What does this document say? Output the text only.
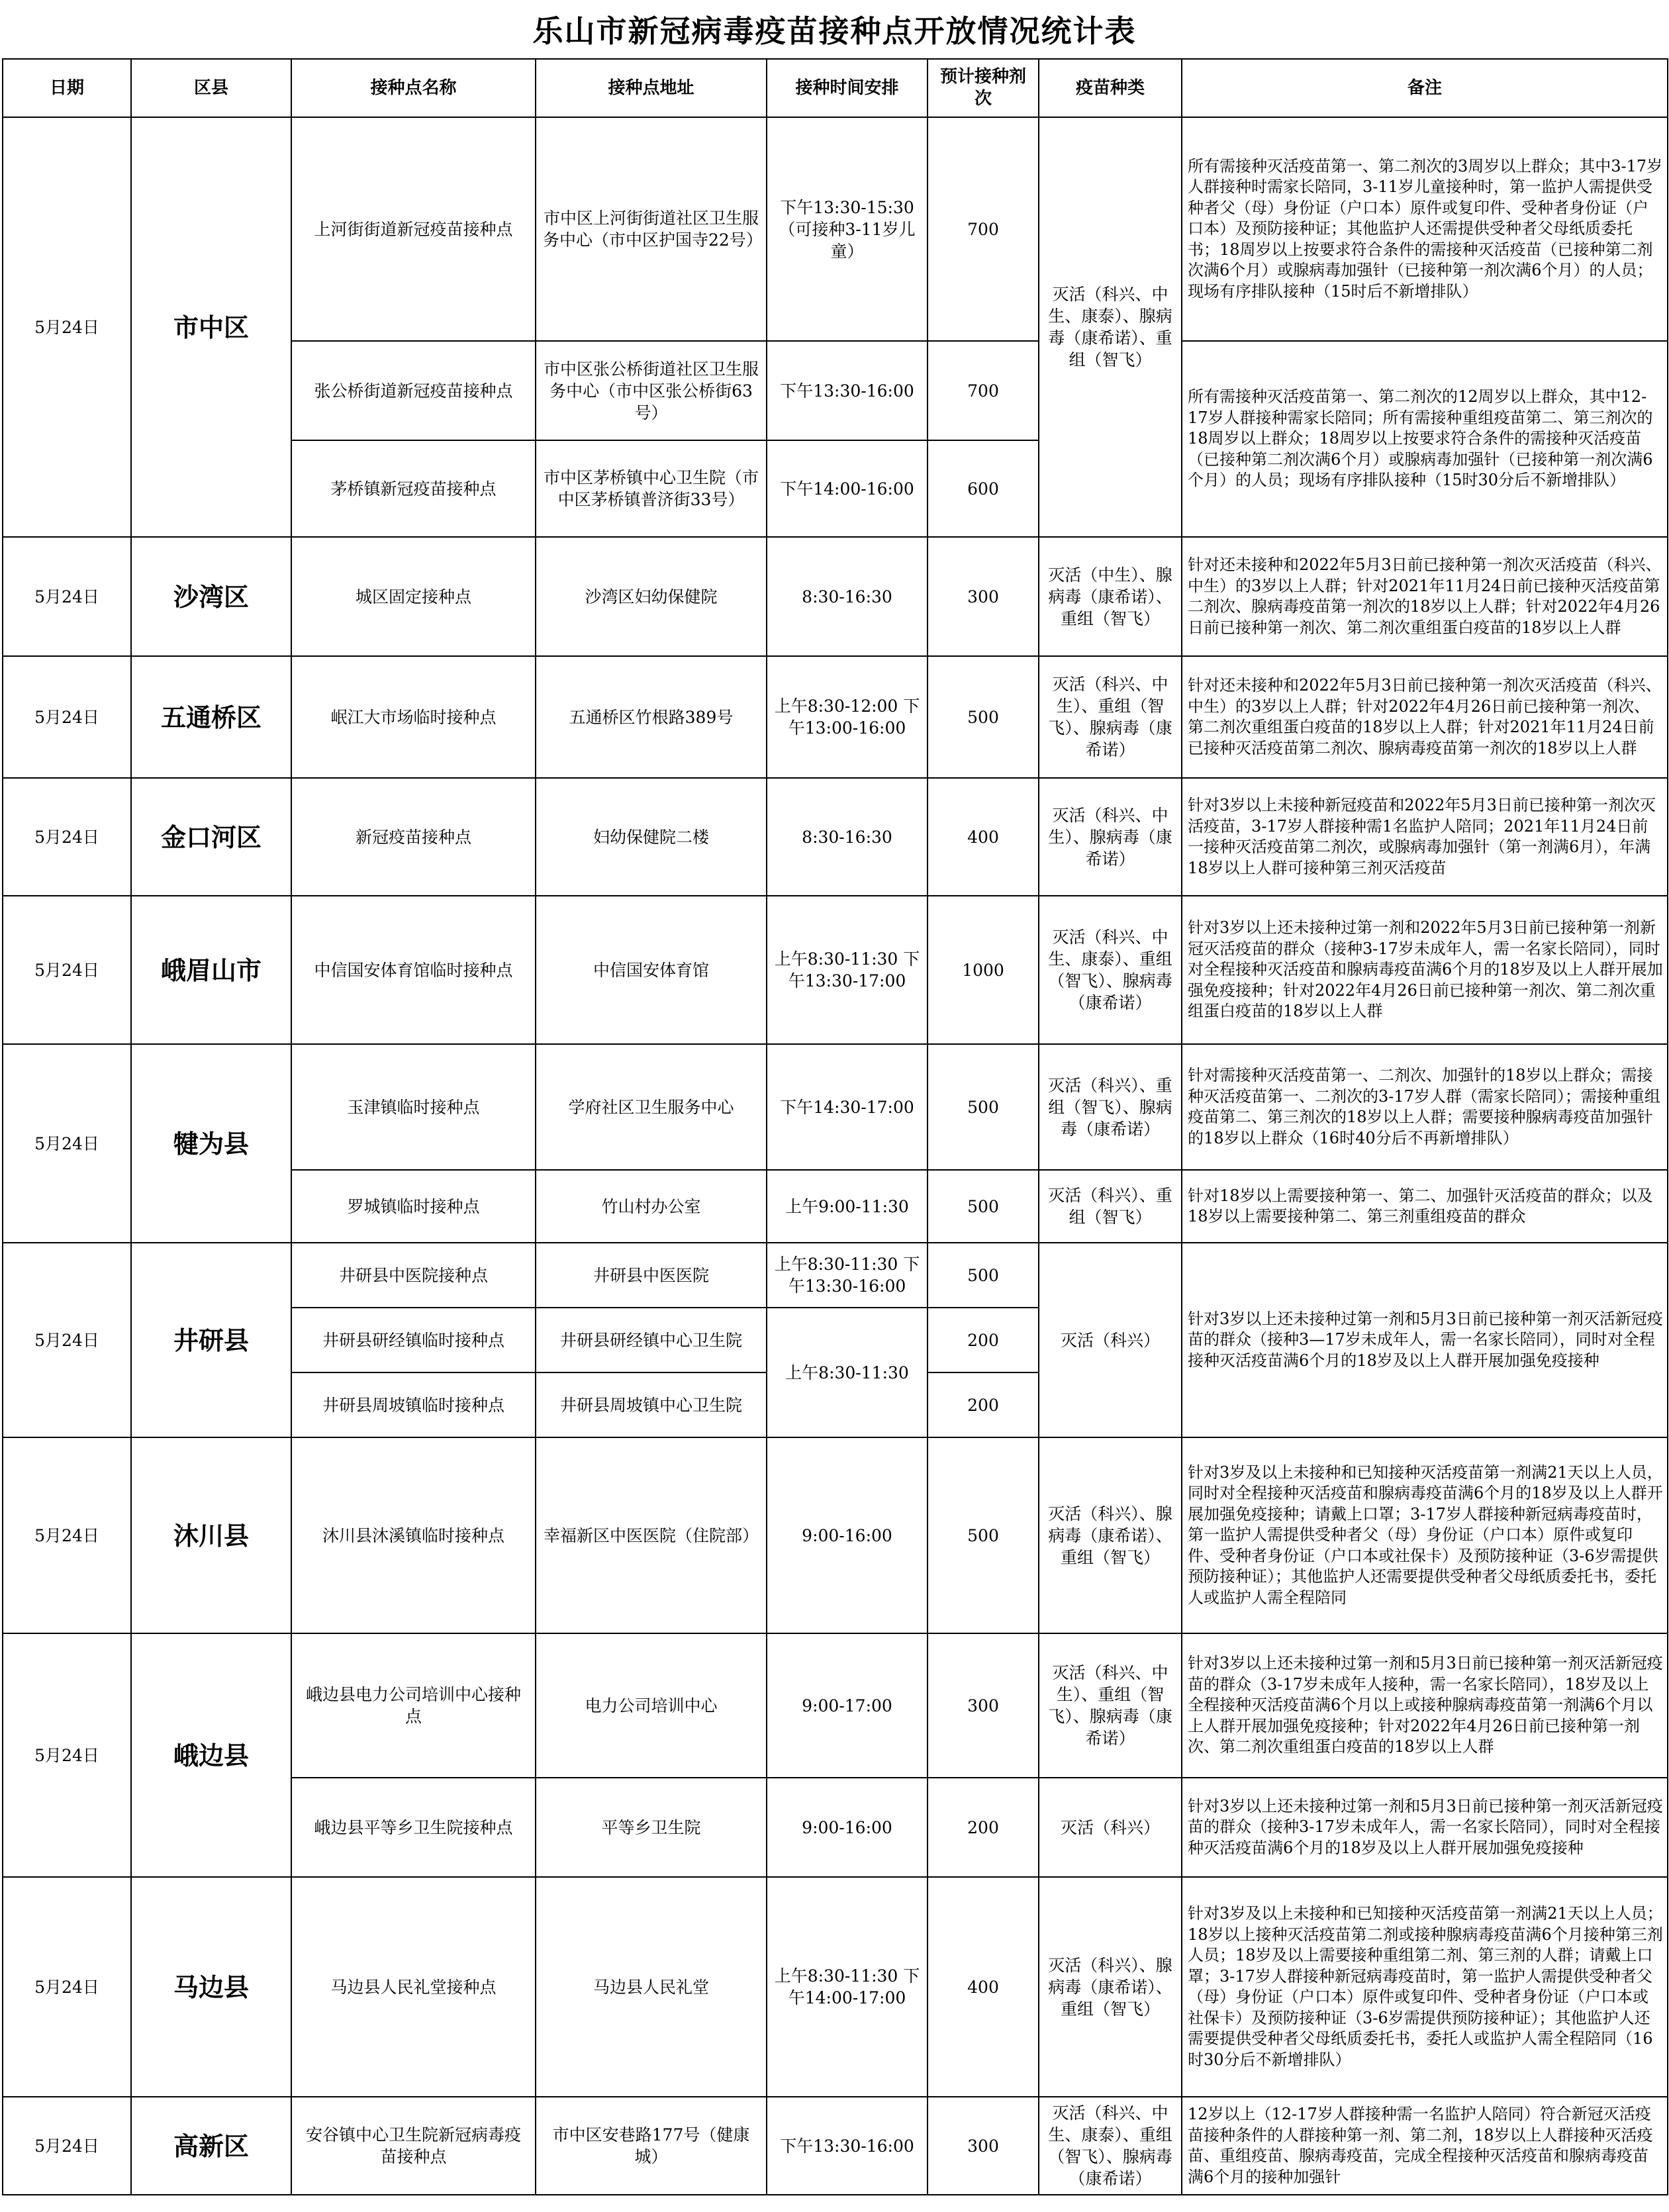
乐山市新冠病毒疫苗接种点开放情况统计表
日期	区县	接种点名称	接种点地址	接种时间安排	预计接种剂次	疫苗种类	备注
5月24日	市中区	上河街街道新冠疫苗接种点	市中区上河街街道社区卫生服务中心（市中区护国寺22号）	下午13:30-15:30（可接种3-11岁儿童）	700	灭活（科兴、中生、康泰）、腺病毒（康希诺）、重组（智飞）	所有需接种灭活疫苗第一、第二剂次的3周岁以上群众；其中3-17岁人群接种时需家长陪同，3-11岁儿童接种时，第一监护人需提供受种者父（母）身份证（户口本）原件或复印件、受种者身份证（户口本）及预防接种证；其他监护人还需提供受种者父母纸质委托书；18周岁以上按要求符合条件的需接种灭活疫苗（已接种第二剂次满6个月）或腺病毒加强针（已接种第一剂次满6个月）的人员；现场有序排队接种（15时后不新增排队）
		张公桥街道新冠疫苗接种点	市中区张公桥街道社区卫生服务中心（市中区张公桥街63号）	下午13:30-16:00	700		所有需接种灭活疫苗第一、第二剂次的12周岁以上群众，其中12-17岁人群接种需家长陪同；所有需接种重组疫苗第二、第三剂次的18周岁以上群众；18周岁以上按要求符合条件的需接种灭活疫苗（已接种第二剂次满6个月）或腺病毒加强针（已接种第一剂次满6个月）的人员；现场有序排队接种（15时30分后不新增排队）
		茅桥镇新冠疫苗接种点	市中区茅桥镇中心卫生院（市中区茅桥镇普济街33号）	下午14:00-16:00	600		
5月24日	沙湾区	城区固定接种点	沙湾区妇幼保健院	8:30-16:30	300	灭活（中生）、腺病毒（康希诺）、重组（智飞）	针对还未接种和2022年5月3日前已接种第一剂次灭活疫苗（科兴、中生）的3岁以上人群；针对2021年11月24日前已接种灭活疫苗第二剂次、腺病毒疫苗第一剂次的18岁以上人群；针对2022年4月26日前已接种第一剂次、第二剂次重组蛋白疫苗的18岁以上人群
5月24日	五通桥区	岷江大市场临时接种点	五通桥区竹根路389号	上午8:30-12:00 下午13:00-16:00	500	灭活（科兴、中生）、重组（智飞）、腺病毒（康希诺）	针对还未接种和2022年5月3日前已接种第一剂次灭活疫苗（科兴、中生）的3岁以上人群；针对2022年4月26日前已接种第一剂次、第二剂次重组蛋白疫苗的18岁以上人群；针对2021年11月24日前已接种灭活疫苗第二剂次、腺病毒疫苗第一剂次的18岁以上人群
5月24日	金口河区	新冠疫苗接种点	妇幼保健院二楼	8:30-16:30	400	灭活（科兴、中生）、腺病毒（康希诺）	针对3岁以上未接种新冠疫苗和2022年5月3日前已接种第一剂次灭活疫苗，3-17岁人群接种需1名监护人陪同；2021年11月24日前一接种灭活疫苗第二剂次，或腺病毒加强针（第一剂满6月），年满18岁以上人群可接种第三剂灭活疫苗
5月24日	峨眉山市	中信国安体育馆临时接种点	中信国安体育馆	上午8:30-11:30 下午13:30-17:00	1000	灭活（科兴、中生、康泰）、重组（智飞）、腺病毒（康希诺）	针对3岁以上还未接种过第一剂和2022年5月3日前已接种第一剂新冠灭活疫苗的群众（接种3-17岁未成年人，需一名家长陪同），同时对全程接种灭活疫苗和腺病毒疫苗满6个月的18岁及以上人群开展加强免疫接种；针对2022年4月26日前已接种第一剂次、第二剂次重组蛋白疫苗的18岁以上人群
5月24日	犍为县	玉津镇临时接种点	学府社区卫生服务中心	下午14:30-17:00	500	灭活（科兴）、重组（智飞）、腺病毒（康希诺）	针对需接种灭活疫苗第一、二剂次、加强针的18岁以上群众；需接种灭活疫苗第一、二剂次的3-17岁人群（需家长陪同）；需接种重组疫苗第二、第三剂次的18岁以上人群；需要接种腺病毒疫苗加强针的18岁以上群众（16时40分后不再新增排队）
		罗城镇临时接种点	竹山村办公室	上午9:00-11:30	500	灭活（科兴）、重组（智飞）	针对18岁以上需要接种第一、第二、加强针灭活疫苗的群众；以及18岁以上需要接种第二、第三剂重组疫苗的群众
5月24日	井研县	井研县中医院接种点	井研县中医医院	上午8:30-11:30 下午13:30-16:00	500	灭活（科兴）	针对3岁以上还未接种过第一剂和5月3日前已接种第一剂灭活新冠疫苗的群众（接种3—17岁未成年人，需一名家长陪同），同时对全程接种灭活疫苗满6个月的18岁及以上人群开展加强免疫接种
		井研县研经镇临时接种点	井研县研经镇中心卫生院	上午8:30-11:30	200		
		井研县周坡镇临时接种点	井研县周坡镇中心卫生院		200		
5月24日	沐川县	沐川县沐溪镇临时接种点	幸福新区中医医院（住院部）	9:00-16:00	500	灭活（科兴）、腺病毒（康希诺）、重组（智飞）	针对3岁及以上未接种和已知接种灭活疫苗第一剂满21天以上人员，同时对全程接种灭活疫苗和腺病毒疫苗满6个月的18岁及以上人群开展加强免疫接种；请戴上口罩；3-17岁人群接种新冠病毒疫苗时，第一监护人需提供受种者父（母）身份证（户口本）原件或复印件、受种者身份证（户口本或社保卡）及预防接种证（3-6岁需提供预防接种证）；其他监护人还需要提供受种者父母纸质委托书，委托人或监护人需全程陪同
5月24日	峨边县	峨边县电力公司培训中心接种点	电力公司培训中心	9:00-17:00	300	灭活（科兴、中生）、重组（智飞）、腺病毒（康希诺）	针对3岁以上还未接种过第一剂和5月3日前已接种第一剂灭活新冠疫苗的群众（3-17岁未成年人接种，需一名家长陪同），18岁及以上全程接种灭活疫苗满6个月以上或接种腺病毒疫苗第一剂满6个月以上人群开展加强免疫接种；针对2022年4月26日前已接种第一剂次、第二剂次重组蛋白疫苗的18岁以上人群
		峨边县平等乡卫生院接种点	平等乡卫生院	9:00-16:00	200	灭活（科兴）	针对3岁以上还未接种过第一剂和5月3日前已接种第一剂灭活新冠疫苗的群众（接种3-17岁未成年人，需一名家长陪同），同时对全程接种灭活疫苗满6个月的18岁及以上人群开展加强免疫接种
5月24日	马边县	马边县人民礼堂接种点	马边县人民礼堂	上午8:30-11:30 下午14:00-17:00	400	灭活（科兴）、腺病毒（康希诺）、重组（智飞）	针对3岁及以上未接种和已知接种灭活疫苗第一剂满21天以上人员；18岁以上接种灭活疫苗第二剂或接种腺病毒疫苗满6个月接种第三剂人员；18岁及以上需要接种重组第二剂、第三剂的人群；请戴上口罩；3-17岁人群接种新冠病毒疫苗时，第一监护人需提供受种者父（母）身份证（户口本）原件或复印件、受种者身份证（户口本或社保卡）及预防接种证（3-6岁需提供预防接种证）；其他监护人还需要提供受种者父母纸质委托书，委托人或监护人需全程陪同（16时30分后不新增排队）
5月24日	高新区	安谷镇中心卫生院新冠病毒疫苗接种点	市中区安巷路177号（健康城）	下午13:30-16:00	300	灭活（科兴、中生、康泰）、重组（智飞）、腺病毒（康希诺）	12岁以上（12-17岁人群接种需一名监护人陪同）符合新冠灭活疫苗接种条件的人群接种第一剂、第二剂，18岁以上人群接种灭活疫苗、重组疫苗、腺病毒疫苗，完成全程接种灭活疫苗和腺病毒疫苗满6个月的接种加强针
